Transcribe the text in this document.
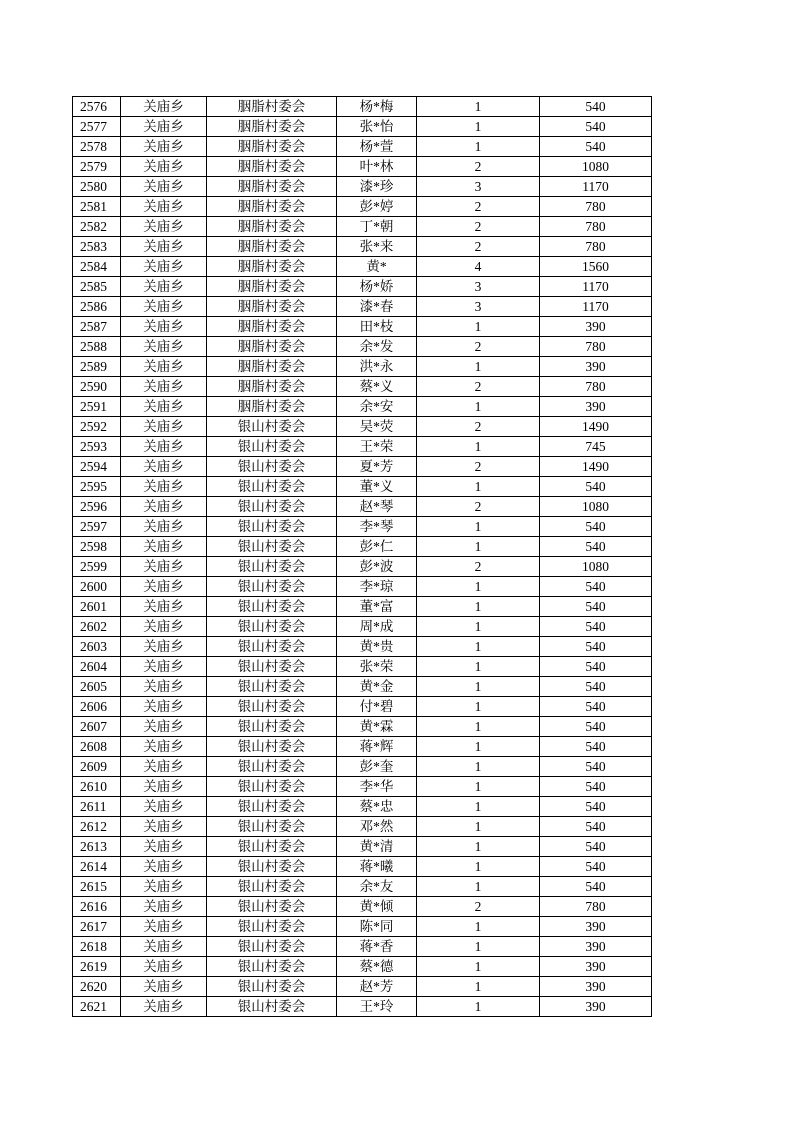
2576	关庙乡	胭脂村委会	杨*梅	1	540
2577	关庙乡	胭脂村委会	张*怡	1	540
2578	关庙乡	胭脂村委会	杨*萱	1	540
2579	关庙乡	胭脂村委会	叶*林	2	1080
2580	关庙乡	胭脂村委会	漆*珍	3	1170
2581	关庙乡	胭脂村委会	彭*婷	2	780
2582	关庙乡	胭脂村委会	丁*朝	2	780
2583	关庙乡	胭脂村委会	张*来	2	780
2584	关庙乡	胭脂村委会	黄*	4	1560
2585	关庙乡	胭脂村委会	杨*娇	3	1170
2586	关庙乡	胭脂村委会	漆*春	3	1170
2587	关庙乡	胭脂村委会	田*枝	1	390
2588	关庙乡	胭脂村委会	余*发	2	780
2589	关庙乡	胭脂村委会	洪*永	1	390
2590	关庙乡	胭脂村委会	蔡*义	2	780
2591	关庙乡	胭脂村委会	余*安	1	390
2592	关庙乡	银山村委会	吴*荧	2	1490
2593	关庙乡	银山村委会	王*荣	1	745
2594	关庙乡	银山村委会	夏*芳	2	1490
2595	关庙乡	银山村委会	董*义	1	540
2596	关庙乡	银山村委会	赵*琴	2	1080
2597	关庙乡	银山村委会	李*琴	1	540
2598	关庙乡	银山村委会	彭*仁	1	540
2599	关庙乡	银山村委会	彭*波	2	1080
2600	关庙乡	银山村委会	李*琼	1	540
2601	关庙乡	银山村委会	董*富	1	540
2602	关庙乡	银山村委会	周*成	1	540
2603	关庙乡	银山村委会	黄*贵	1	540
2604	关庙乡	银山村委会	张*荣	1	540
2605	关庙乡	银山村委会	黄*金	1	540
2606	关庙乡	银山村委会	付*碧	1	540
2607	关庙乡	银山村委会	黄*霖	1	540
2608	关庙乡	银山村委会	蒋*辉	1	540
2609	关庙乡	银山村委会	彭*奎	1	540
2610	关庙乡	银山村委会	李*华	1	540
2611	关庙乡	银山村委会	蔡*忠	1	540
2612	关庙乡	银山村委会	邓*然	1	540
2613	关庙乡	银山村委会	黄*清	1	540
2614	关庙乡	银山村委会	蒋*曦	1	540
2615	关庙乡	银山村委会	余*友	1	540
2616	关庙乡	银山村委会	黄*倾	2	780
2617	关庙乡	银山村委会	陈*同	1	390
2618	关庙乡	银山村委会	蒋*香	1	390
2619	关庙乡	银山村委会	蔡*德	1	390
2620	关庙乡	银山村委会	赵*芳	1	390
2621	关庙乡	银山村委会	王*玲	1	390
